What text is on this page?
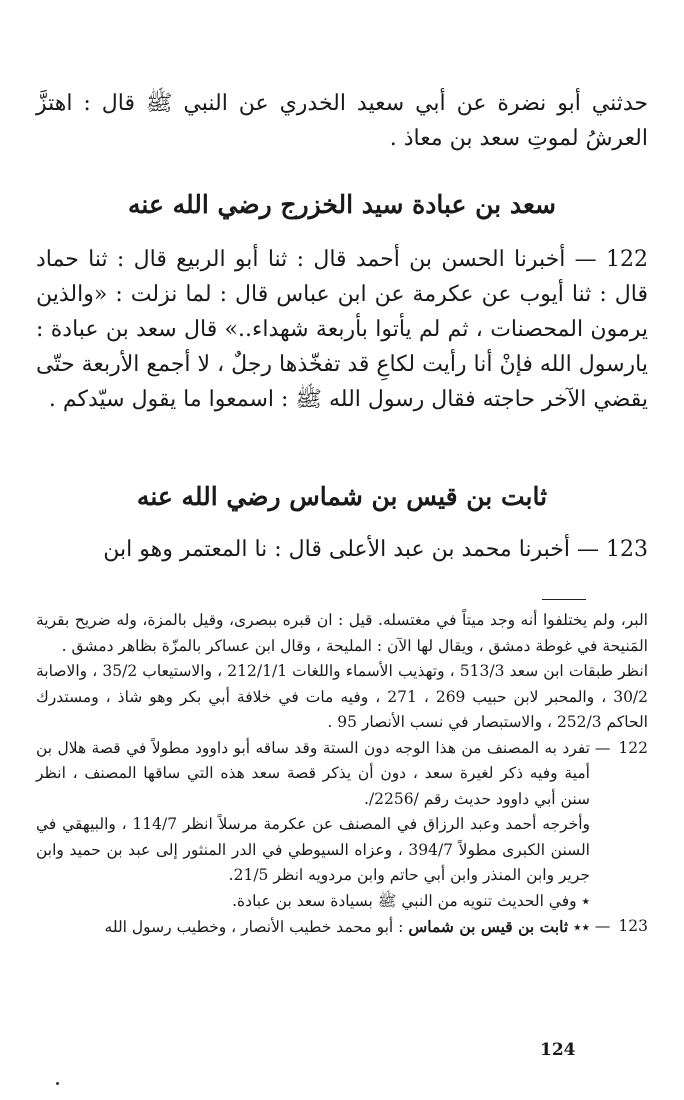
حدثني أبو نضرة عن أبي سعيد الخدري عن النبي ﷺ قال : اهتزَّ العرشُ لموتِ سعد بن معاذ .

سعد بن عبادة سيد الخزرج رضي الله عنه

122 — أخبرنا الحسن بن أحمد قال : ثنا أبو الربيع قال : ثنا حماد قال : ثنا أيوب عن عكرمة عن ابن عباس قال : لما نزلت : «والذين يرمون المحصنات ، ثم لم يأتوا بأربعة شهداء..» قال سعد بن عبادة : يارسول الله فإنْ أنا رأيت لكاعِ قد تفخّذها رجلٌ ، لا أجمع الأربعة حتّى يقضي الآخر حاجته فقال رسول الله ﷺ : اسمعوا ما يقول سيّدكم .

ثابت بن قيس بن شماس رضي الله عنه

123 — أخبرنا محمد بن عبد الأعلى قال : نا المعتمر وهو ابن

البر، ولم يختلفوا أنه وجد ميتاً في مغتسله. قيل : ان قبره ببصرى، وقيل بالمزة، وله ضريح بقرية المَنيحة في غوطة دمشق ، ويقال لها الآن : المليحة ، وقال ابن عساكر بالمزّة بظاهر دمشق .

انظر طبقات ابن سعد 513/3 ، وتهذيب الأسماء واللغات 212/1/1 ، والاستيعاب 35/2 ، والاصابة 30/2 ، والمحبر لابن حبيب 269 ، 271 ، وفيه مات في خلافة أبي بكر وهو شاذ ، ومستدرك الحاكم 252/3 ، والاستبصار في نسب الأنصار 95 .

122—

تفرد به المصنف من هذا الوجه دون الستة وقد ساقه أبو داوود مطولاً في قصة هلال بن أمية وفيه ذكر لغيرة سعد ، دون أن يذكر قصة سعد هذه التي ساقها المصنف ، انظر سنن أبي داوود حديث رقم /2256/.

وأخرجه أحمد وعبد الرزاق في المصنف عن عكرمة مرسلاً انظر 114/7 ، والبيهقي في السنن الكبرى مطولاً 394/7 ، وعزاه السيوطي في الدر المنثور إلى عبد بن حميد وابن جرير وابن المنذر وابن أبي حاتم وابن مردويه انظر 21/5.

٭ وفي الحديث تنويه من النبي ﷺ بسيادة سعد بن عبادة.

123—

٭٭ ثابت بن قيس بن شماس : أبو محمد خطيب الأنصار ، وخطيب رسول الله

124
